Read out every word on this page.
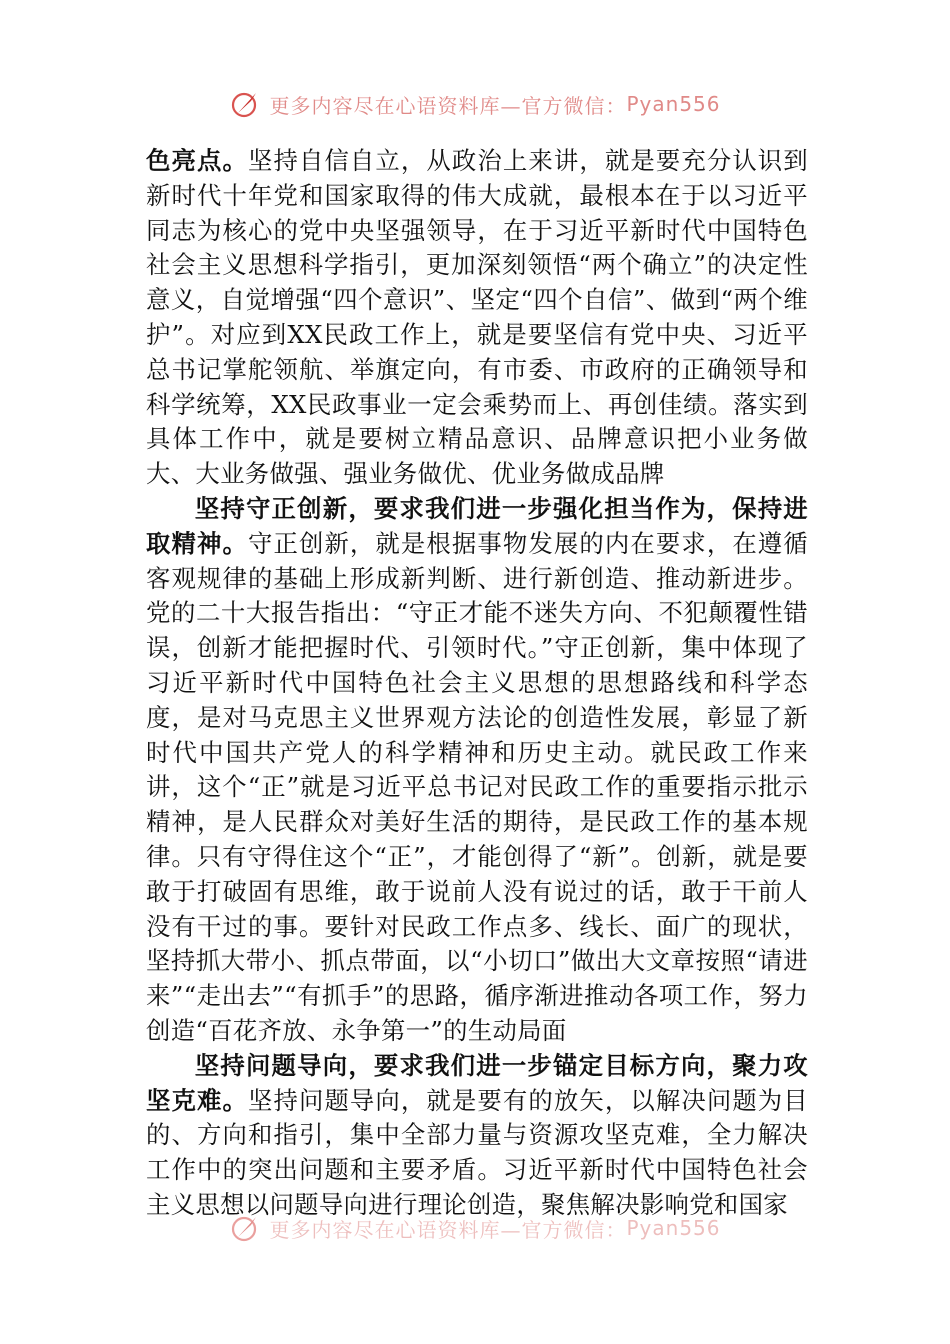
更多内容尽在心语资料库—官方微信： Pyan556

色亮点。坚持自信自立，从政治上来讲，就是要充分认识到新时代十年党和国家取得的伟大成就，最根本在于以习近平同志为核心的党中央坚强领导，在于习近平新时代中国特色社会主义思想科学指引，更加深刻领悟“两个确立”的决定性意义，自觉增强“四个意识”、坚定“四个自信”、做到“两个维护”。对应到XX民政工作上，就是要坚信有党中央、习近平总书记掌舵领航、举旗定向，有市委、市政府的正确领导和科学统筹，XX民政事业一定会乘势而上、再创佳绩。落实到具体工作中，就是要树立精品意识、品牌意识把小业务做大、大业务做强、强业务做优、优业务做成品牌

坚持守正创新，要求我们进一步强化担当作为，保持进取精神。守正创新，就是根据事物发展的内在要求，在遵循客观规律的基础上形成新判断、进行新创造、推动新进步。党的二十大报告指出：“守正才能不迷失方向、不犯颠覆性错误，创新才能把握时代、引领时代。”守正创新，集中体现了习近平新时代中国特色社会主义思想的思想路线和科学态度，是对马克思主义世界观方法论的创造性发展，彰显了新时代中国共产党人的科学精神和历史主动。就民政工作来讲，这个“正”就是习近平总书记对民政工作的重要指示批示精神，是人民群众对美好生活的期待，是民政工作的基本规律。只有守得住这个“正”，才能创得了“新”。创新，就是要敢于打破固有思维，敢于说前人没有说过的话，敢于干前人没有干过的事。要针对民政工作点多、线长、面广的现状，坚持抓大带小、抓点带面，以“小切口”做出大文章按照“请进来”“走出去”“有抓手”的思路，循序渐进推动各项工作，努力创造“百花齐放、永争第一”的生动局面

坚持问题导向，要求我们进一步锚定目标方向，聚力攻坚克难。坚持问题导向，就是要有的放矢，以解决问题为目的、方向和指引，集中全部力量与资源攻坚克难，全力解决工作中的突出问题和主要矛盾。习近平新时代中国特色社会主义思想以问题导向进行理论创造，聚焦解决影响党和国家

更多内容尽在心语资料库—官方微信： Pyan556
